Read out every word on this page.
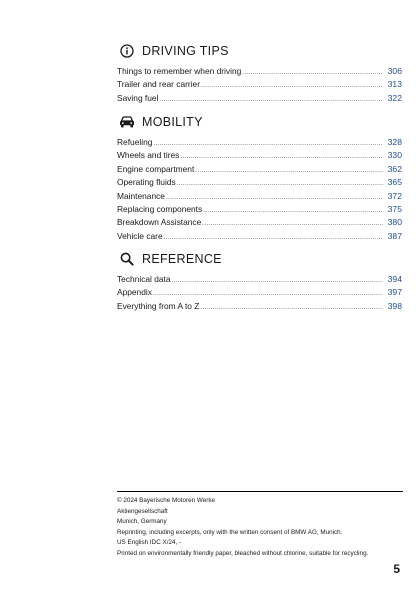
DRIVING TIPS
Things to remember when driving .....	306
Trailer and rear carrier .....	313
Saving fuel .....	322
MOBILITY
Refueling .....	328
Wheels and tires .....	330
Engine compartment .....	362
Operating fluids .....	365
Maintenance .....	372
Replacing components .....	375
Breakdown Assistance .....	380
Vehicle care .....	387
REFERENCE
Technical data .....	394
Appendix .....	397
Everything from A to Z .....	398
© 2024 Bayerische Motoren Werke
Aktiengesellschaft
Munich, Germany
Reprinting, including excerpts, only with the written consent of BMW AG, Munich.
US English IDC X/24, -
Printed on environmentally friendly paper, bleached without chlorine, suitable for recycling.
5
